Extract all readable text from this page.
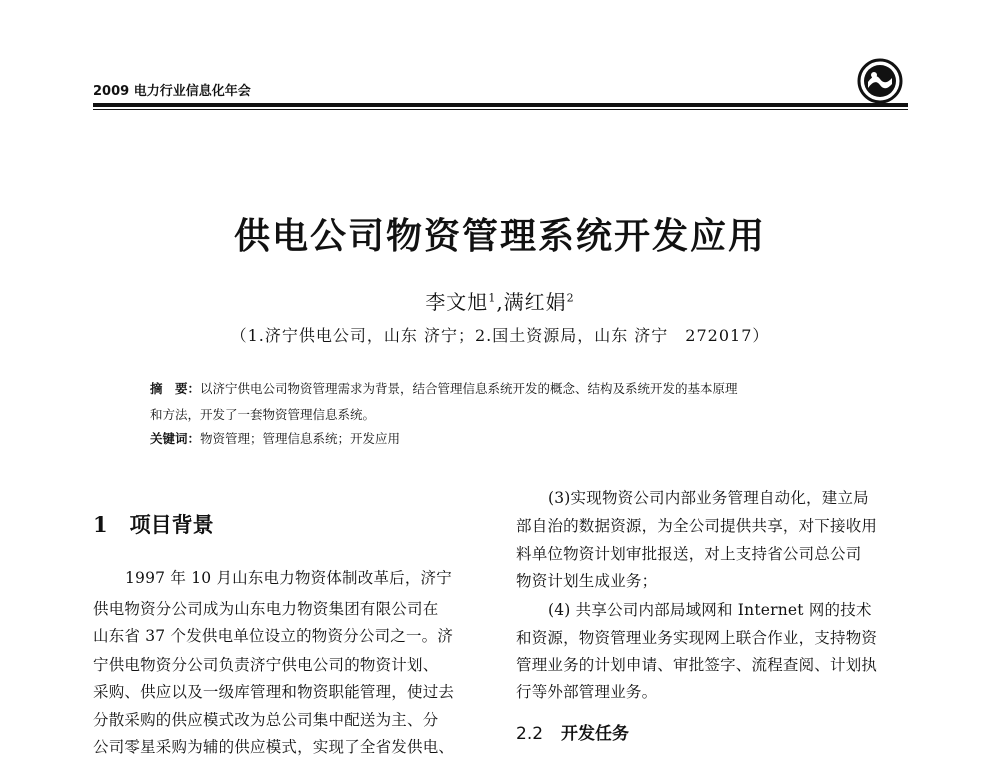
2009 电力行业信息化年会
供电公司物资管理系统开发应用
李文旭$^1$,满红娟$^2$
（1.济宁供电公司，山东 济宁；2.国土资源局，山东 济宁　272017）
摘　要：以济宁供电公司物资管理需求为背景，结合管理信息系统开发的概念、结构及系统开发的基本原理
和方法，开发了一套物资管理信息系统。
关键词：物资管理；管理信息系统；开发应用
1 项目背景
1997 年 10 月山东电力物资体制改革后，济宁
供电物资分公司成为山东电力物资集团有限公司在
山东省 37 个发供电单位设立的物资分公司之一。济
宁供电物资分公司负责济宁供电公司的物资计划、
采购、供应以及一级库管理和物资职能管理，使过去
分散采购的供应模式改为总公司集中配送为主、分
公司零星采购为辅的供应模式，实现了全省发供电、
(3)实现物资公司内部业务管理自动化，建立局
部自治的数据资源，为全公司提供共享，对下接收用
料单位物资计划审批报送，对上支持省公司总公司
物资计划生成业务；
(4) 共享公司内部局域网和 Internet 网的技术
和资源，物资管理业务实现网上联合作业，支持物资
管理业务的计划申请、审批签字、流程查阅、计划执
行等外部管理业务。
2.2 开发任务
